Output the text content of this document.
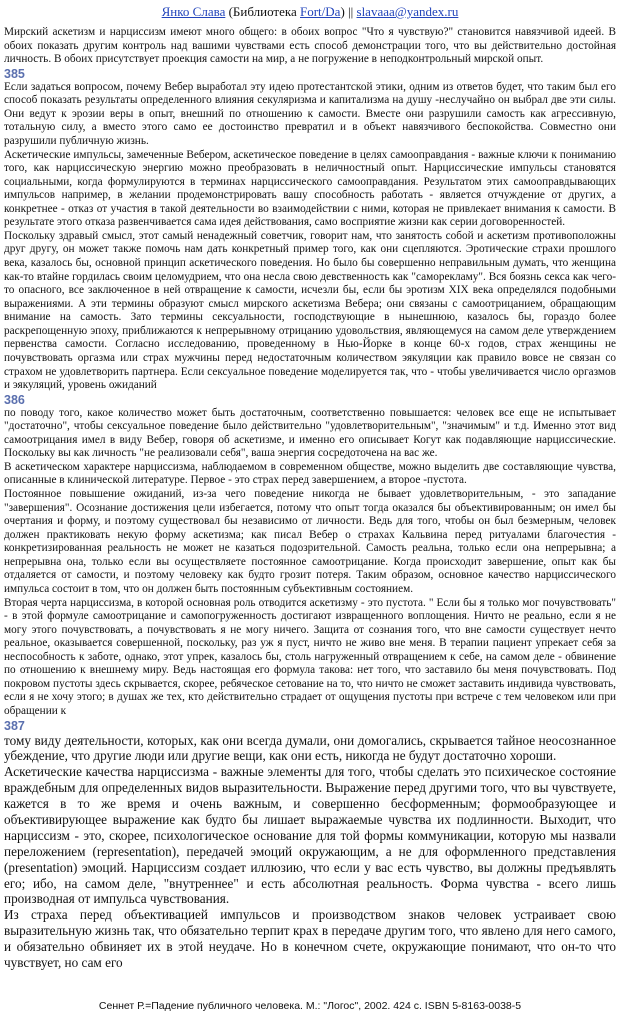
Янко Слава (Библиотека Fort/Da) || slavaaa@yandex.ru

Мирский аскетизм и нарциссизм имеют много общего: в обоих вопрос "Что я чувствую?" становится навязчивой идеей. В обоих показать другим контроль над вашими чувствами есть способ демонстрации того, что вы действительно достойная личность. В обоих присутствует проекция самости на мир, а не погружение в неподконтрольный мирской опыт.

385

Если задаться вопросом, почему Вебер выработал эту идею протестантской этики, одним из ответов будет, что таким был его способ показать результаты определенного влияния секуляризма и капитализма на душу -неслучайно он выбрал две эти силы. Они ведут к эрозии веры в опыт, внешний по отношению к самости. Вместе они разрушили самость как агрессивную, тотальную силу, а вместо этого само ее достоинство превратил и в объект навязчивого беспокойства. Совместно они разрушили публичную жизнь.

Аскетические импульсы, замеченные Вебером, аскетическое поведение в целях самооправдания - важные ключи к пониманию того, как нарциссическую энергию можно преобразовать в неличностный опыт. Нарциссические импульсы становятся социальными, когда формулируются в терминах нарциссического самооправдания. Результатом этих самооправдывающих импульсов например, в желании продемонстрировать вашу способность работать - является отчуждение от других, а конкретнее - отказ от участия в такой деятельности во взаимодействии с ними, которая не привлекает внимания к самости. В результате этого отказа развенчивается сама идея действования, само восприятие жизни как серии договоренностей.

Поскольку здравый смысл, этот самый ненадежный советчик, говорит нам, что занятость собой и аскетизм противоположны друг другу, он может также помочь нам дать конкретный пример того, как они сцепляются. Эротические страхи прошлого века, казалось бы, основной принцип аскетического поведения. Но было бы совершенно неправильным думать, что женщина как-то втайне гордилась своим целомудрием, что она несла свою девственность как "саморекламу". Вся боязнь секса как чего-то опасного, все заключенное в ней отвращение к самости, исчезли бы, если бы эротизм XIX века определялся подобными выражениями. А эти термины образуют смысл мирского аскетизма Вебера; они связаны с самоотрицанием, обращающим внимание на самость. Зато термины сексуальности, господствующие в нынешнюю, казалось бы, гораздо более раскрепощенную эпоху, приближаются к непрерывному отрицанию удовольствия, являющемуся на самом деле утверждением первенства самости. Согласно исследованию, проведенному в Нью-Йорке в конце 60-х годов, страх женщины не почувствовать оргазма или страх мужчины перед недостаточным количеством эякуляции как правило вовсе не связан со страхом не удовлетворить партнера. Если сексуальное поведение моделируется так, что - чтобы увеличивается число оргазмов и эякуляций, уровень ожиданий

386

по поводу того, какое количество может быть достаточным, соответственно повышается: человек все еще не испытывает "достаточно", чтобы сексуальное поведение было действительно "удовлетворительным", "значимым" и т.д. Именно этот вид самоотрицания имел в виду Вебер, говоря об аскетизме, и именно его описывает Когут как подавляющие нарциссические. Поскольку вы как личность "не реализовали себя", ваша энергия сосредоточена на вас же.

В аскетическом характере нарциссизма, наблюдаемом в современном обществе, можно выделить две составляющие чувства, описанные в клинической литературе. Первое - это страх перед завершением, а второе -пустота.

Постоянное повышение ожиданий, из-за чего поведение никогда не бывает удовлетворительным, - это западание "завершения". Осознание достижения цели избегается, потому что опыт тогда оказался бы объективированным; он имел бы очертания и форму, и поэтому существовал бы независимо от личности. Ведь для того, чтобы он был безмерным, человек должен практиковать некую форму аскетизма; как писал Вебер о страхах Кальвина перед ритуалами благочестия - конкретизированная реальность не может не казаться подозрительной. Самость реальна, только если она непрерывна; а непрерывна она, только если вы осуществляете постоянное самоотрицание. Когда происходит завершение, опыт как бы отдаляется от самости, и поэтому человеку как будто грозит потеря. Таким образом, основное качество нарциссического импульса состоит в том, что он должен быть постоянным субъективным состоянием.

Вторая черта нарциссизма, в которой основная роль отводится аскетизму - это пустота. " Если бы я только мог почувствовать" - в этой формуле самоотрицание и самопогруженность достигают извращенного воплощения. Ничто не реально, если я не могу этого почувствовать, а почувствовать я не могу ничего. Защита от сознания того, что вне самости существует нечто реальное, оказывается совершенной, поскольку, раз уж я пуст, ничто не живо вне меня. В терапии пациент упрекает себя за неспособность к заботе, однако, этот упрек, казалось бы, столь нагруженный отвращением к себе, на самом деле - обвинение по отношению к внешнему миру. Ведь настоящая его формула такова: нет того, что заставило бы меня почувствовать. Под покровом пустоты здесь скрывается, скорее, ребяческое сетование на то, что ничто не сможет заставить индивида чувствовать, если я не хочу этого; в душах же тех, кто действительно страдает от ощущения пустоты при встрече с тем человеком или при обращении к

387

тому виду деятельности, которых, как они всегда думали, они домогались, скрывается тайное неосознанное убеждение, что другие люди или другие вещи, как они есть, никогда не будут достаточно хороши.

Аскетические качества нарциссизма - важные элементы для того, чтобы сделать это психическое состояние враждебным для определенных видов выразительности. Выражение перед другими того, что вы чувствуете, кажется в то же время и очень важным, и совершенно бесформенным; формообразующее и объективирующее выражение как будто бы лишает выражаемые чувства их подлинности. Выходит, что нарциссизм - это, скорее, психологическое основание для той формы коммуникации, которую мы назвали переложением (representation), передачей эмоций окружающим, а не для оформленного представления (presentation) эмоций. Нарциссизм создает иллюзию, что если у вас есть чувство, вы должны предъявлять его; ибо, на самом деле, "внутреннее" и есть абсолютная реальность. Форма чувства - всего лишь производная от импульса чувствования.

Из страха перед объективацией импульсов и производством знаков человек устраивает свою выразительную жизнь так, что обязательно терпит крах в передаче другим того, что явлено для него самого, и обязательно обвиняет их в этой неудаче. Но в конечном счете, окружающие понимают, что он-то что чувствует, но сам его

Сеннет Р.=Падение публичного человека. М.: "Логос", 2002. 424 с. ISBN 5-8163-0038-5
